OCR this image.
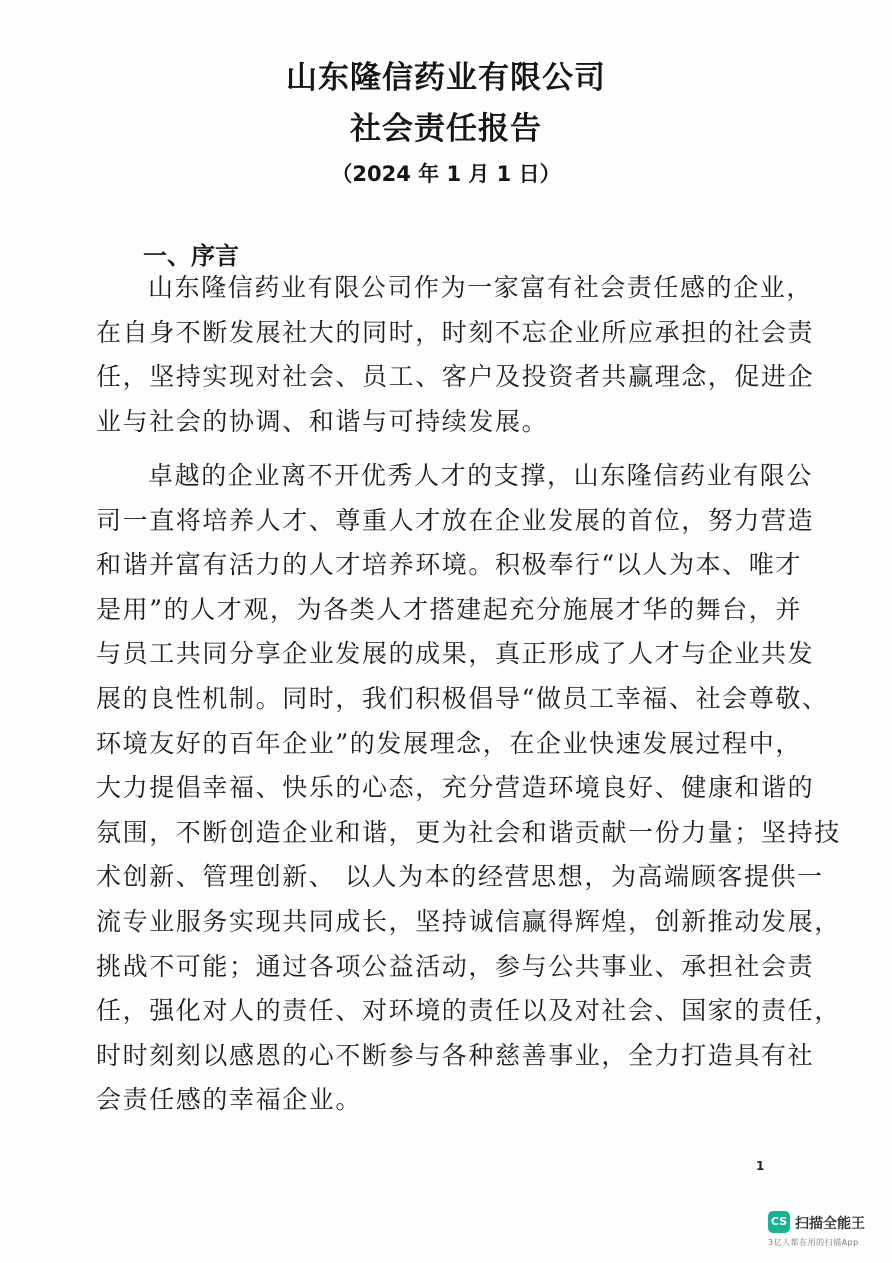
山东隆信药业有限公司
社会责任报告
（2024 年 1 月 1 日）
一、序言
山东隆信药业有限公司作为一家富有社会责任感的企业，
在自身不断发展社大的同时，时刻不忘企业所应承担的社会责
任，坚持实现对社会、员工、客户及投资者共赢理念，促进企
业与社会的协调、和谐与可持续发展。
卓越的企业离不开优秀人才的支撑，山东隆信药业有限公
司一直将培养人才、尊重人才放在企业发展的首位，努力营造
和谐并富有活力的人才培养环境。积极奉行“以人为本、唯才
是用”的人才观，为各类人才搭建起充分施展才华的舞台，并
与员工共同分享企业发展的成果，真正形成了人才与企业共发
展的良性机制。同时，我们积极倡导“做员工幸福、社会尊敬、
环境友好的百年企业”的发展理念，在企业快速发展过程中，
大力提倡幸福、快乐的心态，充分营造环境良好、健康和谐的
氛围，不断创造企业和谐，更为社会和谐贡献一份力量；坚持技
术创新、管理创新、 以人为本的经营思想，为高端顾客提供一
流专业服务实现共同成长，坚持诚信赢得辉煌，创新推动发展，
挑战不可能；通过各项公益活动，参与公共事业、承担社会责
任，强化对人的责任、对环境的责任以及对社会、国家的责任，
时时刻刻以感恩的心不断参与各种慈善事业，全力打造具有社
会责任感的幸福企业。
1
CS 扫描全能王
3亿人都在用的扫描App
